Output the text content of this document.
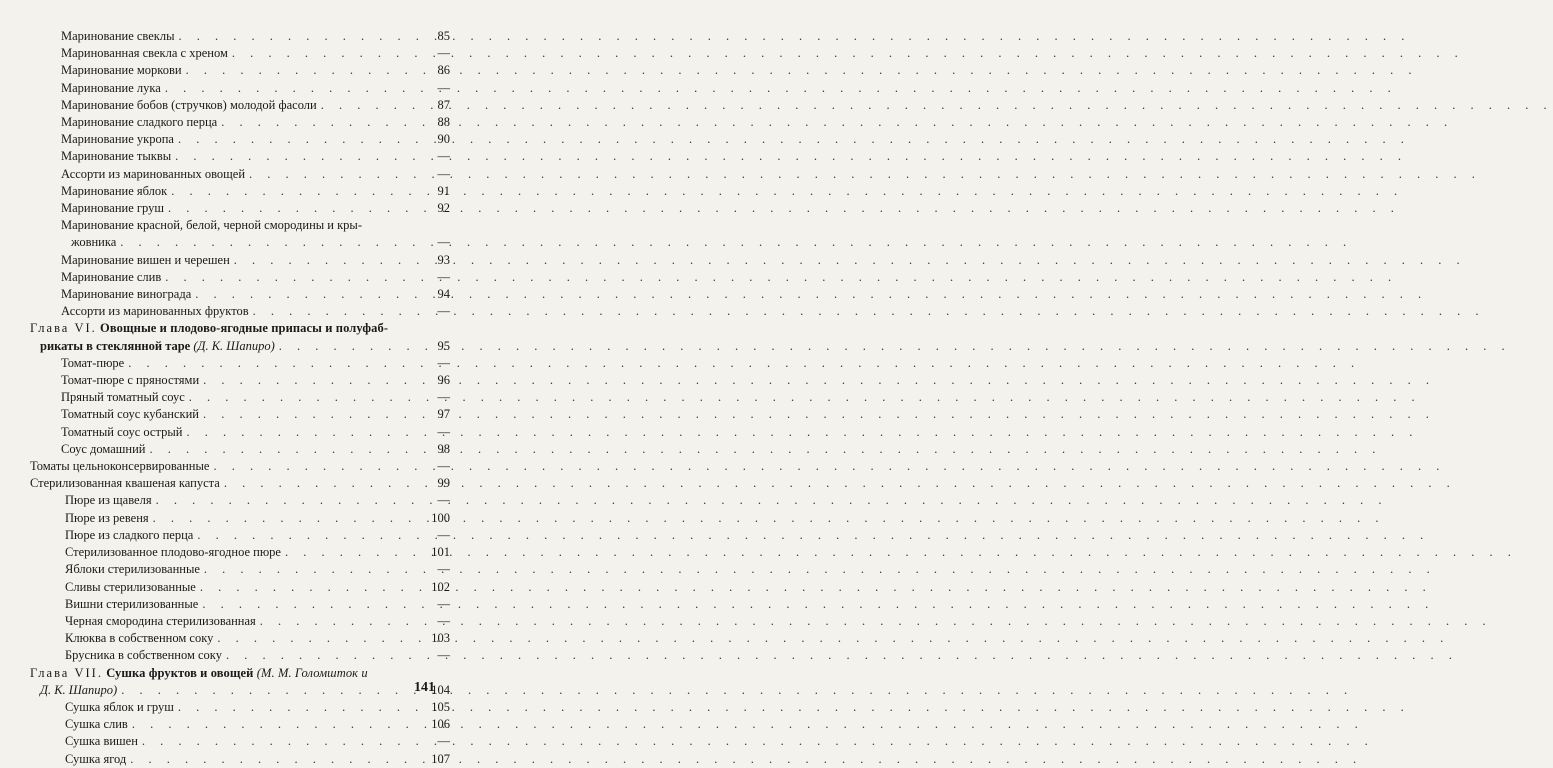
Маринование свеклы . . .	85
Маринованная свекла с хреном . . .	—
Маринование моркови . . .	86
Маринование лука . . .	—
Маринование бобов (стручков) молодой фасоли . . .	87
Маринование сладкого перца . . .	88
Маринование укропа . . .	90
Маринование тыквы . . .	—
Ассорти из маринованных овощей . . .	—
Маринование яблок . . .	91
Маринование груш . . .	92
Маринование красной, белой, черной смородины и кры-
жовника . . .	—
Маринование вишен и черешен . . .	93
Маринование слив . . .	—
Маринование винограда . . .	94
Ассорти из маринованных фруктов . . .	—
Глава VI. Овощные и плодово-ягодные припасы и полуфаб-
рикаты в стеклянной таре (Д. К. Шапиро) . . .	95
Томат-пюре . . .	—
Томат-пюре с пряностями . . .	96
Пряный томатный соус . . .	—
Томатный соус кубанский . . .	97
Томатный соус острый . . .	—
Соус домашний . . .	98
Томаты цельноконсервированные . . .	—
Стерилизованная квашеная капуста . . .	99
Пюре из щавеля . . .	—
Пюре из ревеня . . .	100
Пюре из сладкого перца . . .	—
Стерилизованное плодово-ягодное пюре . . .	101
Яблоки стерилизованные . . .	—
Сливы стерилизованные . . .	102
Вишни стерилизованные . . .	—
Черная смородина стерилизованная . . .	—
Клюква в собственном соку . . .	103
Брусника в собственном соку . . .	—
Глава VII. Сушка фруктов и овощей (М. М. Голомшток и
Д. К. Шапиро) . . .	104
Сушка яблок и груш . . .	105
Сушка слив . . .	106
Сушка вишен . . .	—
Сушка ягод . . .	107
141
